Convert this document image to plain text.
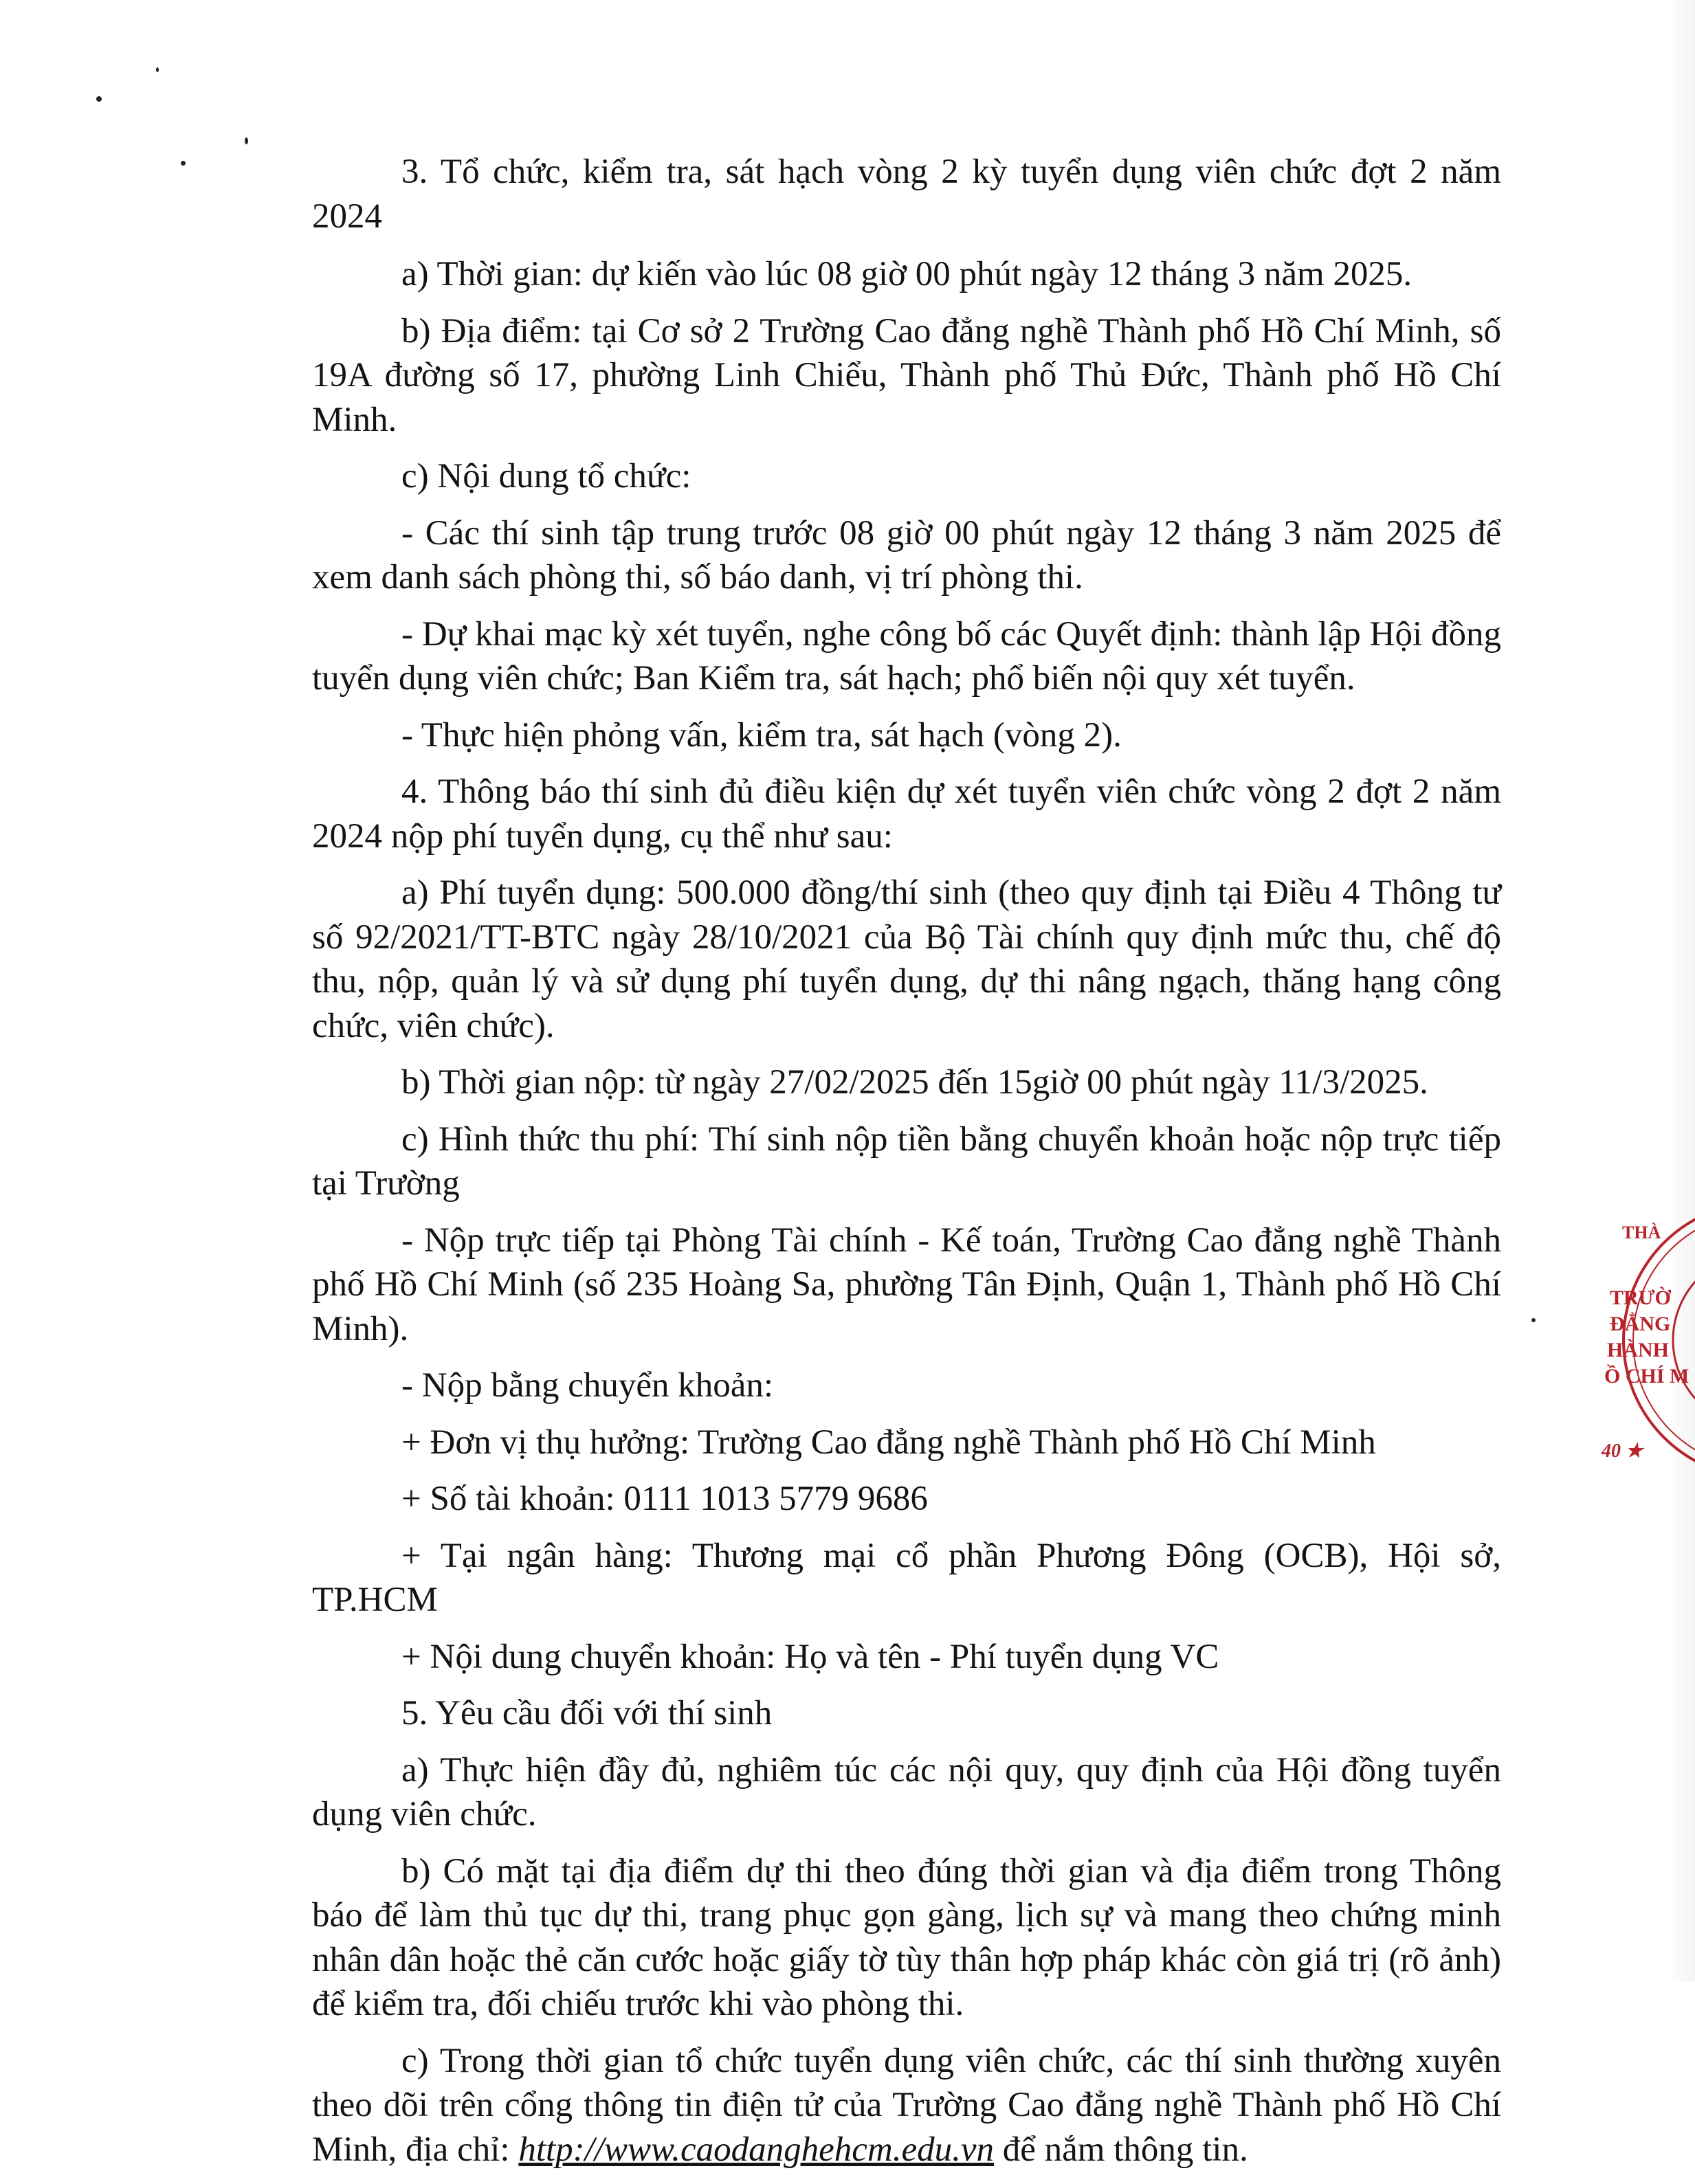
3. Tổ chức, kiểm tra, sát hạch vòng 2 kỳ tuyển dụng viên chức đợt 2 năm 2024

a) Thời gian: dự kiến vào lúc 08 giờ 00 phút ngày 12 tháng 3 năm 2025.

b) Địa điểm: tại Cơ sở 2 Trường Cao đẳng nghề Thành phố Hồ Chí Minh, số 19A đường số 17, phường Linh Chiểu, Thành phố Thủ Đức, Thành phố Hồ Chí Minh.

c) Nội dung tổ chức:

- Các thí sinh tập trung trước 08 giờ 00 phút ngày 12 tháng 3 năm 2025 để xem danh sách phòng thi, số báo danh, vị trí phòng thi.

- Dự khai mạc kỳ xét tuyển, nghe công bố các Quyết định: thành lập Hội đồng tuyển dụng viên chức; Ban Kiểm tra, sát hạch; phổ biến nội quy xét tuyển.

- Thực hiện phỏng vấn, kiểm tra, sát hạch (vòng 2).

4. Thông báo thí sinh đủ điều kiện dự xét tuyển viên chức vòng 2 đợt 2 năm 2024 nộp phí tuyển dụng, cụ thể như sau:

a) Phí tuyển dụng: 500.000 đồng/thí sinh (theo quy định tại Điều 4 Thông tư số 92/2021/TT-BTC ngày 28/10/2021 của Bộ Tài chính quy định mức thu, chế độ thu, nộp, quản lý và sử dụng phí tuyển dụng, dự thi nâng ngạch, thăng hạng công chức, viên chức).

b) Thời gian nộp: từ ngày 27/02/2025 đến 15giờ 00 phút ngày 11/3/2025.

c) Hình thức thu phí: Thí sinh nộp tiền bằng chuyển khoản hoặc nộp trực tiếp tại Trường

- Nộp trực tiếp tại Phòng Tài chính - Kế toán, Trường Cao đẳng nghề Thành phố Hồ Chí Minh (số 235 Hoàng Sa, phường Tân Định, Quận 1, Thành phố Hồ Chí Minh).

- Nộp bằng chuyển khoản:

+ Đơn vị thụ hưởng: Trường Cao đẳng nghề Thành phố Hồ Chí Minh

+ Số tài khoản: 0111 1013 5779 9686

+ Tại ngân hàng: Thương mại cổ phần Phương Đông (OCB), Hội sở, TP.HCM

+ Nội dung chuyển khoản: Họ và tên - Phí tuyển dụng VC

5. Yêu cầu đối với thí sinh

a) Thực hiện đầy đủ, nghiêm túc các nội quy, quy định của Hội đồng tuyển dụng viên chức.

b) Có mặt tại địa điểm dự thi theo đúng thời gian và địa điểm trong Thông báo để làm thủ tục dự thi, trang phục gọn gàng, lịch sự và mang theo chứng minh nhân dân hoặc thẻ căn cước hoặc giấy tờ tùy thân hợp pháp khác còn giá trị (rõ ảnh) để kiểm tra, đối chiếu trước khi vào phòng thi.

c) Trong thời gian tổ chức tuyển dụng viên chức, các thí sinh thường xuyên theo dõi trên cổng thông tin điện tử của Trường Cao đẳng nghề Thành phố Hồ Chí Minh, địa chỉ: http://www.caodanghehcm.edu.vn để nắm thông tin.

THÀ
TRƯỜ
ĐẲNG
HÀNH
Ồ CHÍ M
40 ★
